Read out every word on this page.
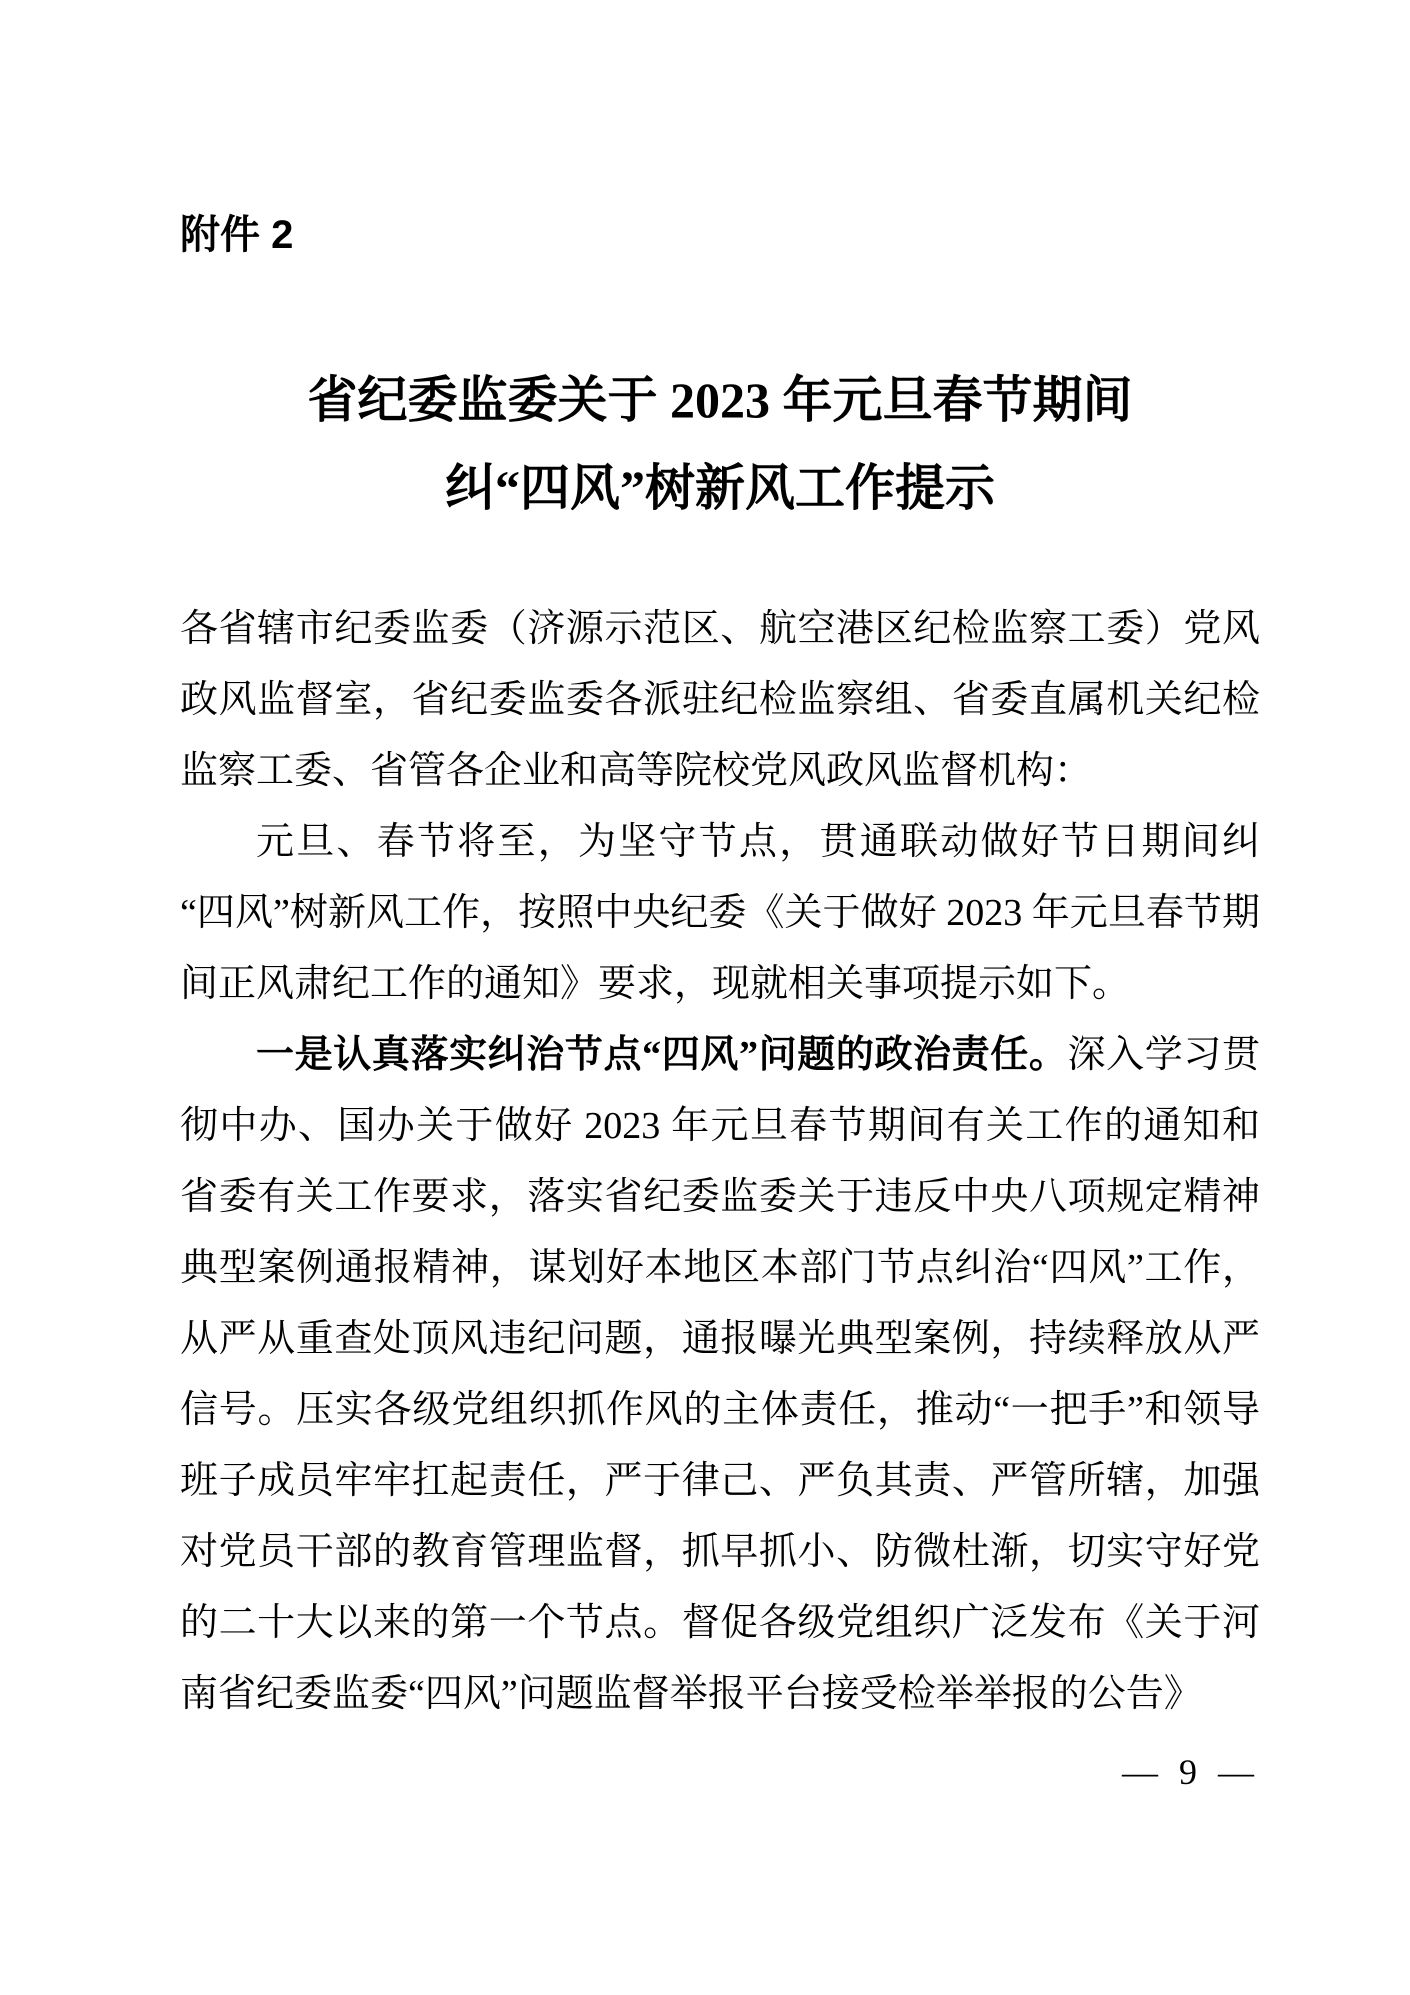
附件 2
省纪委监委关于 2023 年元旦春节期间
纠“四风”树新风工作提示

各省辖市纪委监委（济源示范区、航空港区纪检监察工委）党风政风监督室，省纪委监委各派驻纪检监察组、省委直属机关纪检监察工委、省管各企业和高等院校党风政风监督机构：

元旦、春节将至，为坚守节点，贯通联动做好节日期间纠“四风”树新风工作，按照中央纪委《关于做好 2023 年元旦春节期间正风肃纪工作的通知》要求，现就相关事项提示如下。

一是认真落实纠治节点“四风”问题的政治责任。深入学习贯彻中办、国办关于做好 2023 年元旦春节期间有关工作的通知和省委有关工作要求，落实省纪委监委关于违反中央八项规定精神典型案例通报精神，谋划好本地区本部门节点纠治“四风”工作，从严从重查处顶风违纪问题，通报曝光典型案例，持续释放从严信号。压实各级党组织抓作风的主体责任，推动“一把手”和领导班子成员牢牢扛起责任，严于律己、严负其责、严管所辖，加强对党员干部的教育管理监督，抓早抓小、防微杜渐，切实守好党的二十大以来的第一个节点。督促各级党组织广泛发布《关于河南省纪委监委“四风”问题监督举报平台接受检举举报的公告》

— 9 —
